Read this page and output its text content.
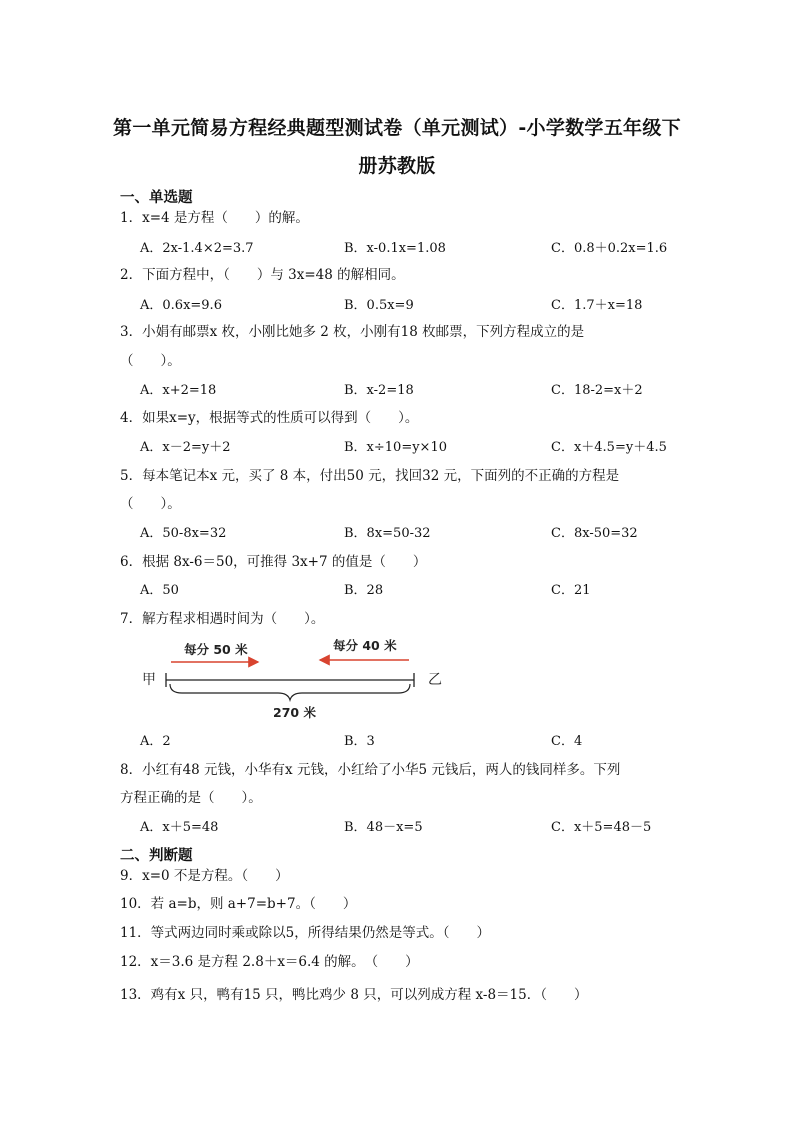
第一单元简易方程经典题型测试卷（单元测试）-小学数学五年级下
册苏教版
一、单选题
1．x=4 是方程（　　）的解。
A．2x-1.4×2=3.7	B．x-0.1x=1.08	C．0.8＋0.2x=1.6
2．下面方程中，（　　）与 3x=48 的解相同。
A．0.6x=9.6	B．0.5x=9	C．1.7＋x=18
3．小娟有邮票x 枚，小刚比她多 2 枚，小刚有18 枚邮票，下列方程成立的是
（　　）。
A．x+2=18	B．x-2=18	C．18-2=x＋2
4．如果x=y，根据等式的性质可以得到（　　）。
A．x－2=y＋2	B．x÷10=y×10	C．x＋4.5=y＋4.5
5．每本笔记本x 元，买了 8 本，付出50 元，找回32 元，下面列的不正确的方程是
（　　）。
A．50-8x=32	B．8x=50-32	C．8x-50=32
6．根据 8x-6＝50，可推得 3x+7 的值是（　　）
A．50	B．28	C．21
7．解方程求相遇时间为（　　）。
甲	乙
每分 50 米	每分 40 米
270 米
A．2	B．3	C．4
8．小红有48 元钱，小华有x 元钱，小红给了小华5 元钱后，两人的钱同样多。下列
方程正确的是（　　）。
A．x＋5=48	B．48－x=5	C．x＋5=48－5
二、判断题
9．x=0 不是方程。（　　）
10．若 a=b，则 a+7=b+7。（　　）
11．等式两边同时乘或除以5，所得结果仍然是等式。（　　）
12．x＝3.6 是方程 2.8＋x＝6.4 的解。　（　　）
13．鸡有x 只，鸭有15 只，鸭比鸡少 8 只，可以列成方程 x-8＝15．（　　）
